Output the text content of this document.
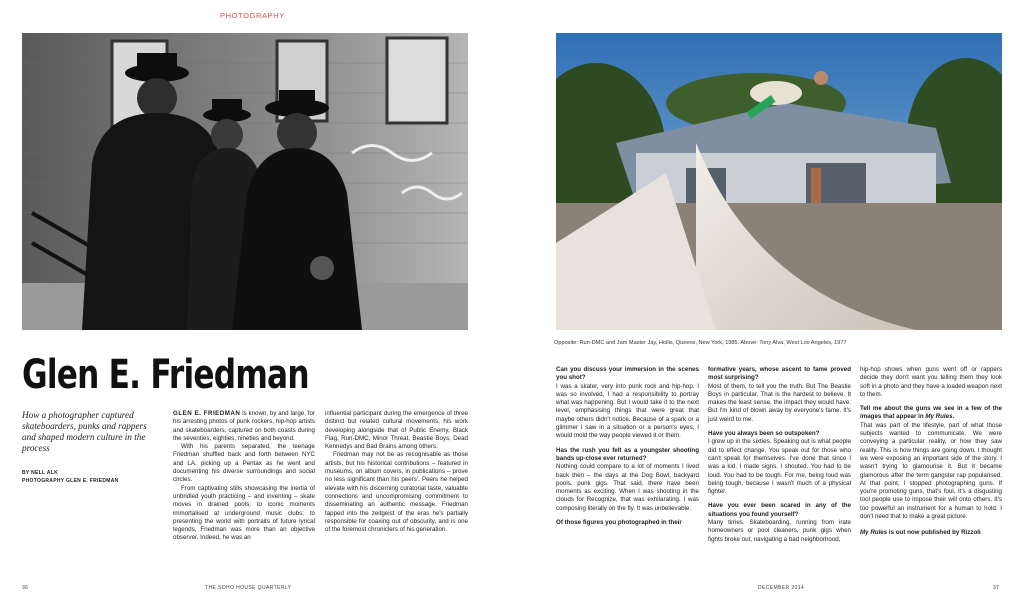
PHOTOGRAPHY
Opposite: Run-DMC and Jam Master Jay, Hollis, Queens, New York, 1985. Above: Tony Alva, West Los Angeles, 1977
Glen E. Friedman
How a photographer captured skateboarders, punks and rappers and shaped modern culture in the process
BY NELL ALK
PHOTOGRAPHY GLEN E. FRIEDMAN

GLEN E. FRIEDMAN is known, by and large, for his arresting photos of punk rockers, hip-hop artists and skateboarders, captured on both coasts during the seventies, eighties, nineties and beyond.

With his parents separated, the teenage Friedman shuffled back and forth between NYC and LA, picking up a Pentax as he went and documenting his diverse surroundings and social circles.

From captivating stills showcasing the inertia of unbridled youth practicing – and inventing – skate moves in drained pools; to iconic moments immortalised at underground music clubs; to presenting the world with portraits of future lyrical legends, Friedman was more than an objective observer. Indeed, he was an

influential participant during the emergence of three distinct but related cultural movements, his work developing alongside that of Public Enemy, Black Flag, Run-DMC, Minor Threat, Beastie Boys, Dead Kennedys and Bad Brains among others.

Friedman may not be as recognisable as those artists, but his historical contributions – featured in museums, on album covers, in publications – prove no less significant than his peers'. Peers he helped elevate with his discerning curatorial taste, valuable connections and uncompromising commitment to disseminating an authentic message. Friedman tapped into the zeitgeist of the eras he's partially responsible for coaxing out of obscurity, and is one of the foremost chroniclers of his generation.

Can you discuss your immersion in the scenes you shot?

I was a skater, very into punk rock and hip-hop. I was so involved, I had a responsibility to portray what was happening. But I would take it to the next level, emphasising things that were great that maybe others didn't notice. Because of a spark or a glimmer I saw in a situation or a person's eyes, I would mold the way people viewed it or them.

Has the rush you felt as a youngster shooting bands up-close ever returned?

Nothing could compare to a lot of moments I lived back then – the days at the Dog Bowl, backyard pools, punk gigs. That said, there have been moments as exciting. When I was shooting in the clouds for Recognize, that was exhilarating. I was composing literally on the fly. It was unbelievable.

Of those figures you photographed in their

formative years, whose ascent to fame proved most surprising?

Most of them, to tell you the truth. But The Beastie Boys in particular. That is the hardest to believe. It makes the least sense, the impact they would have. But I'm kind of blown away by everyone's fame. It's just weird to me.

Have you always been so outspoken?

I grew up in the sixties. Speaking out is what people did to effect change. You speak out for those who can't speak for themselves. I've done that since I was a kid. I made signs. I shouted. You had to be loud. You had to be tough. For me, being loud was being tough, because I wasn't much of a physical fighter.

Have you ever been scared in any of the situations you found yourself?

Many times. Skateboarding, running from irate homeowners or pool cleaners, punk gigs when fights broke out, navigating a bad neighborhood,

hip-hop shows when guns went off or rappers decide they don't want you telling them they look soft in a photo and they have a loaded weapon next to them.

Tell me about the guns we see in a few of the images that appear in My Rules.

That was part of the lifestyle, part of what those subjects wanted to communicate. We were conveying a particular reality, or how they saw reality. This is how things are going down. I thought we were exposing an important side of the story. I wasn't trying to glamourise it. But it became glamorous after the term gangster rap popularised. At that point, I stopped photographing guns. If you're promoting guns, that's foul. It's a disgusting tool people use to impose their will onto others. It's too powerful an instrument for a human to hold. I don't need that to make a great picture.

My Rules is out now published by Rizzoli

36	THE SOHO HOUSE QUARTERLY	DECEMBER 2014	37
